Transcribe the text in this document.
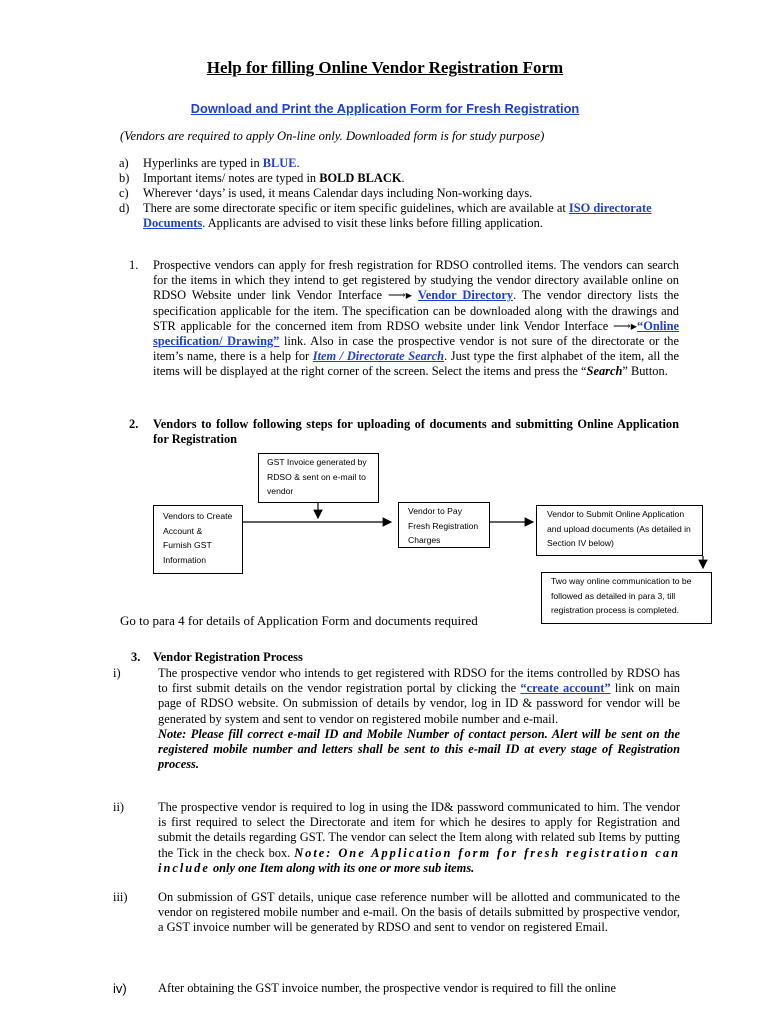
Help for filling Online Vendor Registration Form
Download and Print the Application Form for Fresh Registration
(Vendors are required to apply On-line only. Downloaded form is for study purpose)
a)	Hyperlinks are typed in BLUE.
b)	Important items/ notes are typed in BOLD BLACK.
c)	Wherever ‘days’ is used, it means Calendar days including Non-working days.
d)	There are some directorate specific or item specific guidelines, which are available at ISO directorate Documents. Applicants are advised to visit these links before filling application.
1.	Prospective vendors can apply for fresh registration for RDSO controlled items. The vendors can search for the items in which they intend to get registered by studying the vendor directory available online on RDSO Website under link Vendor Interface ⟶▸ Vendor Directory. The vendor directory lists the specification applicable for the item. The specification can be downloaded along with the drawings and STR applicable for the concerned item from RDSO website under link Vendor Interface ⟶▸“Online specification/ Drawing” link. Also in case the prospective vendor is not sure of the directorate or the item’s name, there is a help for Item / Directorate Search. Just type the first alphabet of the item, all the items will be displayed at the right corner of the screen. Select the items and press the “Search” Button.
2.	Vendors to follow following steps for uploading of documents and submitting Online Application for Registration
GST Invoice generated by RDSO & sent on e-mail to vendor
Vendors to Create Account & Furnish GST Information
Vendor to Pay Fresh Registration Charges
Vendor to Submit Online Application and upload documents (As detailed in Section IV below)
Two way online communication to be followed as detailed in para 3, till registration process is completed.
Go to para 4 for details of Application Form and documents required
3.	Vendor Registration Process
i)	The prospective vendor who intends to get registered with RDSO for the items controlled by RDSO has to first submit details on the vendor registration portal by clicking the “create account” link on main page of RDSO website. On submission of details by vendor, log in ID & password for vendor will be generated by system and sent to vendor on registered mobile number and e-mail.
Note: Please fill correct e-mail ID and Mobile Number of contact person. Alert will be sent on the registered mobile number and letters shall be sent to this e-mail ID at every stage of Registration process.
ii)	The prospective vendor is required to log in using the ID& password communicated to him. The vendor is first required to select the Directorate and item for which he desires to apply for Registration and submit the details regarding GST. The vendor can select the Item along with related sub Items by putting the Tick in the check box. Note: One Application form for fresh registration can include only one Item along with its one or more sub items.
iii)	On submission of GST details, unique case reference number will be allotted and communicated to the vendor on registered mobile number and e-mail. On the basis of details submitted by prospective vendor, a GST invoice number will be generated by RDSO and sent to vendor on registered Email.
iv)	After obtaining the GST invoice number, the prospective vendor is required to fill the online
